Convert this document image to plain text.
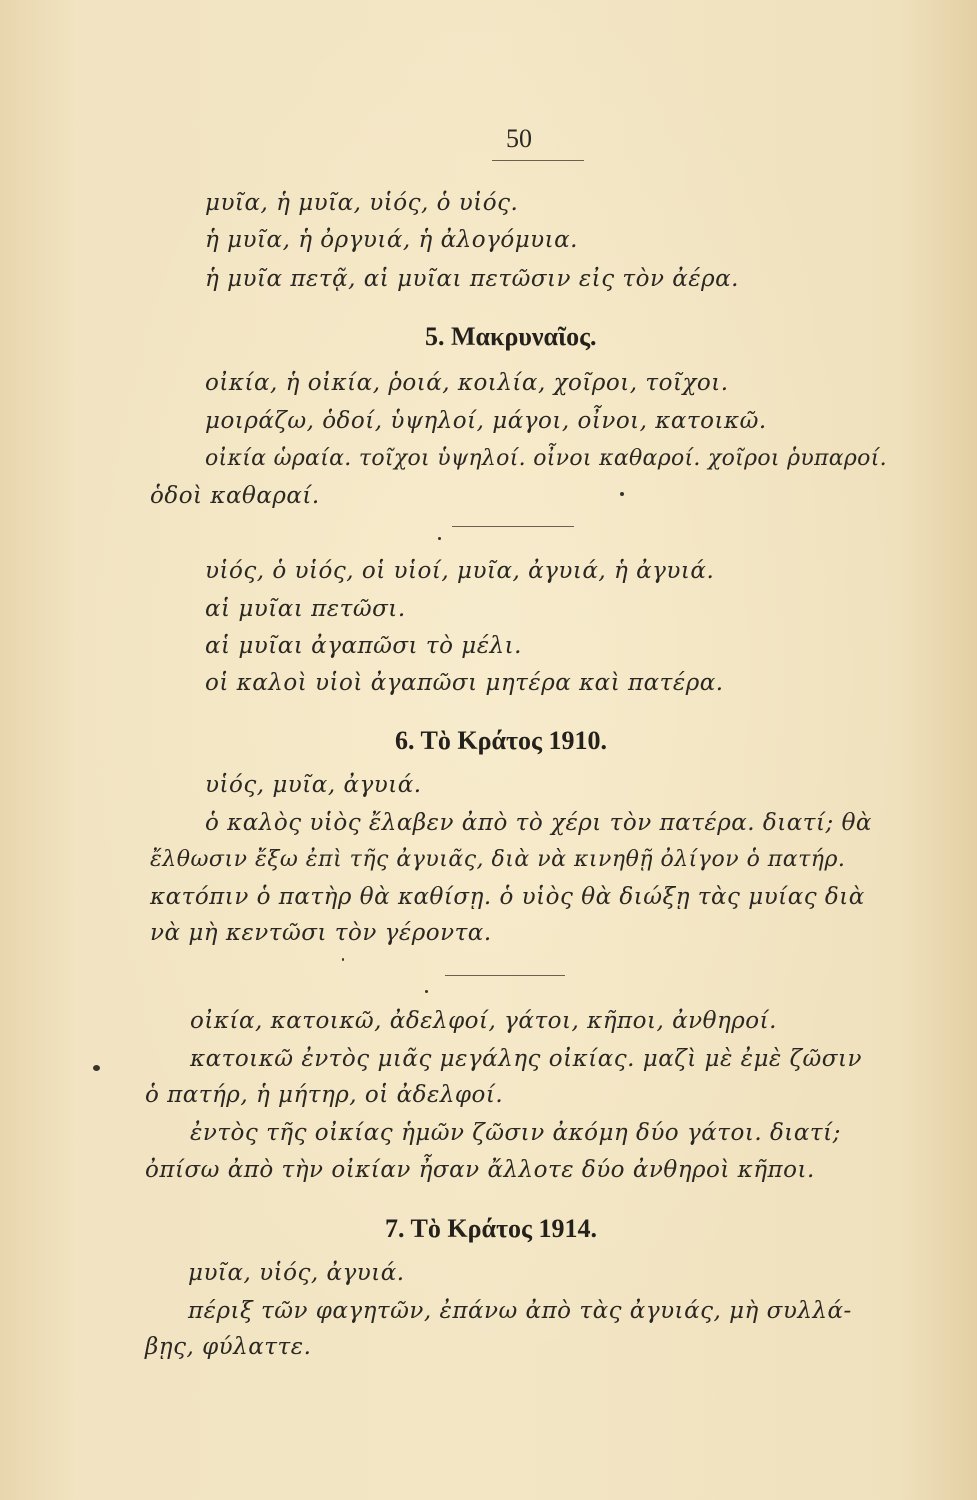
50
μυῖα, ἡ μυῖα, υἱός, ὁ υἱός.
ἡ μυῖα, ἡ ὀργυιά, ἡ ἀλογόμυια.
ἡ μυῖα πετᾷ, αἱ μυῖαι πετῶσιν εἰς τὸν ἀέρα.
5. Μακρυναῖος.
οἰκία, ἡ οἰκία, ῥοιά, κοιλία, χοῖροι, τοῖχοι.
μοιράζω, ὁδοί, ὑψηλοί, μάγοι, οἶνοι, κατοικῶ.
οἰκία ὡραία. τοῖχοι ὑψηλοί. οἶνοι καθαροί. χοῖροι ῥυπαροί.
ὁδοὶ καθαραί.
υἱός, ὁ υἱός, οἱ υἱοί, μυῖα, ἀγυιά, ἡ ἀγυιά.
αἱ μυῖαι πετῶσι.
αἱ μυῖαι ἀγαπῶσι τὸ μέλι.
οἱ καλοὶ υἱοὶ ἀγαπῶσι μητέρα καὶ πατέρα.
6. Τὸ Κράτος 1910.
υἱός, μυῖα, ἀγυιά.
ὁ καλὸς υἱὸς ἔλαβεν ἀπὸ τὸ χέρι τὸν πατέρα. διατί; θὰ
ἔλθωσιν ἔξω ἐπὶ τῆς ἀγυιᾶς, διὰ νὰ κινηθῇ ὀλίγον ὁ πατήρ.
κατόπιν ὁ πατὴρ θὰ καθίσῃ. ὁ υἱὸς θὰ διώξῃ τὰς μυίας διὰ
νὰ μὴ κεντῶσι τὸν γέροντα.
οἰκία, κατοικῶ, ἀδελφοί, γάτοι, κῆποι, ἀνθηροί.
κατοικῶ ἐντὸς μιᾶς μεγάλης οἰκίας. μαζὶ μὲ ἐμὲ ζῶσιν
ὁ πατήρ, ἡ μήτηρ, οἱ ἀδελφοί.
ἐντὸς τῆς οἰκίας ἡμῶν ζῶσιν ἀκόμη δύο γάτοι. διατί;
ὀπίσω ἀπὸ τὴν οἰκίαν ἦσαν ἄλλοτε δύο ἀνθηροὶ κῆποι.
7. Τὸ Κράτος 1914.
μυῖα, υἱός, ἀγυιά.
πέριξ τῶν φαγητῶν, ἐπάνω ἀπὸ τὰς ἀγυιάς, μὴ συλλά-
βῃς, φύλαττε.
